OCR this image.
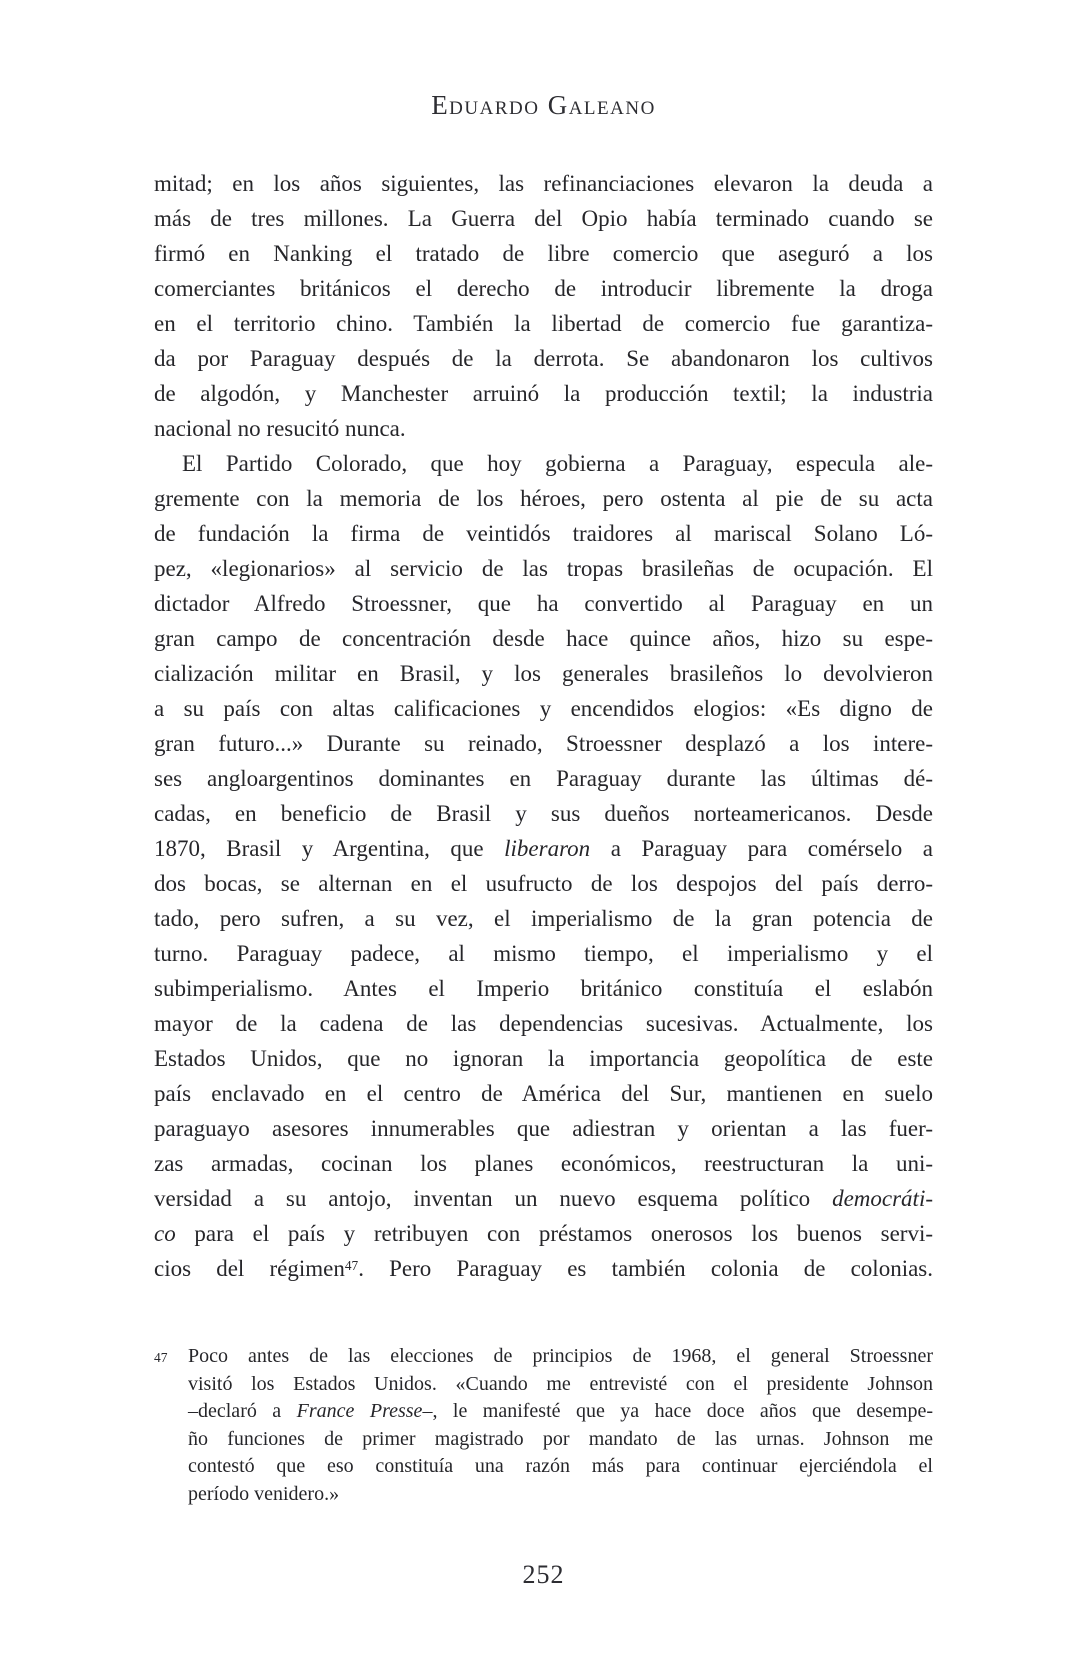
Eduardo Galeano
mitad; en los años siguientes, las refinanciaciones elevaron la deuda a
más de tres millones. La Guerra del Opio había terminado cuando se
firmó en Nanking el tratado de libre comercio que aseguró a los
comerciantes británicos el derecho de introducir libremente la droga
en el territorio chino. También la libertad de comercio fue garantiza-
da por Paraguay después de la derrota. Se abandonaron los cultivos
de algodón, y Manchester arruinó la producción textil; la industria
nacional no resucitó nunca.
El Partido Colorado, que hoy gobierna a Paraguay, especula ale-
gremente con la memoria de los héroes, pero ostenta al pie de su acta
de fundación la firma de veintidós traidores al mariscal Solano Ló-
pez, «legionarios» al servicio de las tropas brasileñas de ocupación. El
dictador Alfredo Stroessner, que ha convertido al Paraguay en un
gran campo de concentración desde hace quince años, hizo su espe-
cialización militar en Brasil, y los generales brasileños lo devolvieron
a su país con altas calificaciones y encendidos elogios: «Es digno de
gran futuro...» Durante su reinado, Stroessner desplazó a los intere-
ses angloargentinos dominantes en Paraguay durante las últimas dé-
cadas, en beneficio de Brasil y sus dueños norteamericanos. Desde
1870, Brasil y Argentina, que liberaron a Paraguay para comérselo a
dos bocas, se alternan en el usufructo de los despojos del país derro-
tado, pero sufren, a su vez, el imperialismo de la gran potencia de
turno. Paraguay padece, al mismo tiempo, el imperialismo y el
subimperialismo. Antes el Imperio británico constituía el eslabón
mayor de la cadena de las dependencias sucesivas. Actualmente, los
Estados Unidos, que no ignoran la importancia geopolítica de este
país enclavado en el centro de América del Sur, mantienen en suelo
paraguayo asesores innumerables que adiestran y orientan a las fuer-
zas armadas, cocinan los planes económicos, reestructuran la uni-
versidad a su antojo, inventan un nuevo esquema político democráti-
co para el país y retribuyen con préstamos onerosos los buenos servi-
cios del régimen$^{47}$. Pero Paraguay es también colonia de colonias.
47 Poco antes de las elecciones de principios de 1968, el general Stroessner
visitó los Estados Unidos. «Cuando me entrevisté con el presidente Johnson
–declaró a France Presse–, le manifesté que ya hace doce años que desempe-
ño funciones de primer magistrado por mandato de las urnas. Johnson me
contestó que eso constituía una razón más para continuar ejerciéndola el
período venidero.»
252
